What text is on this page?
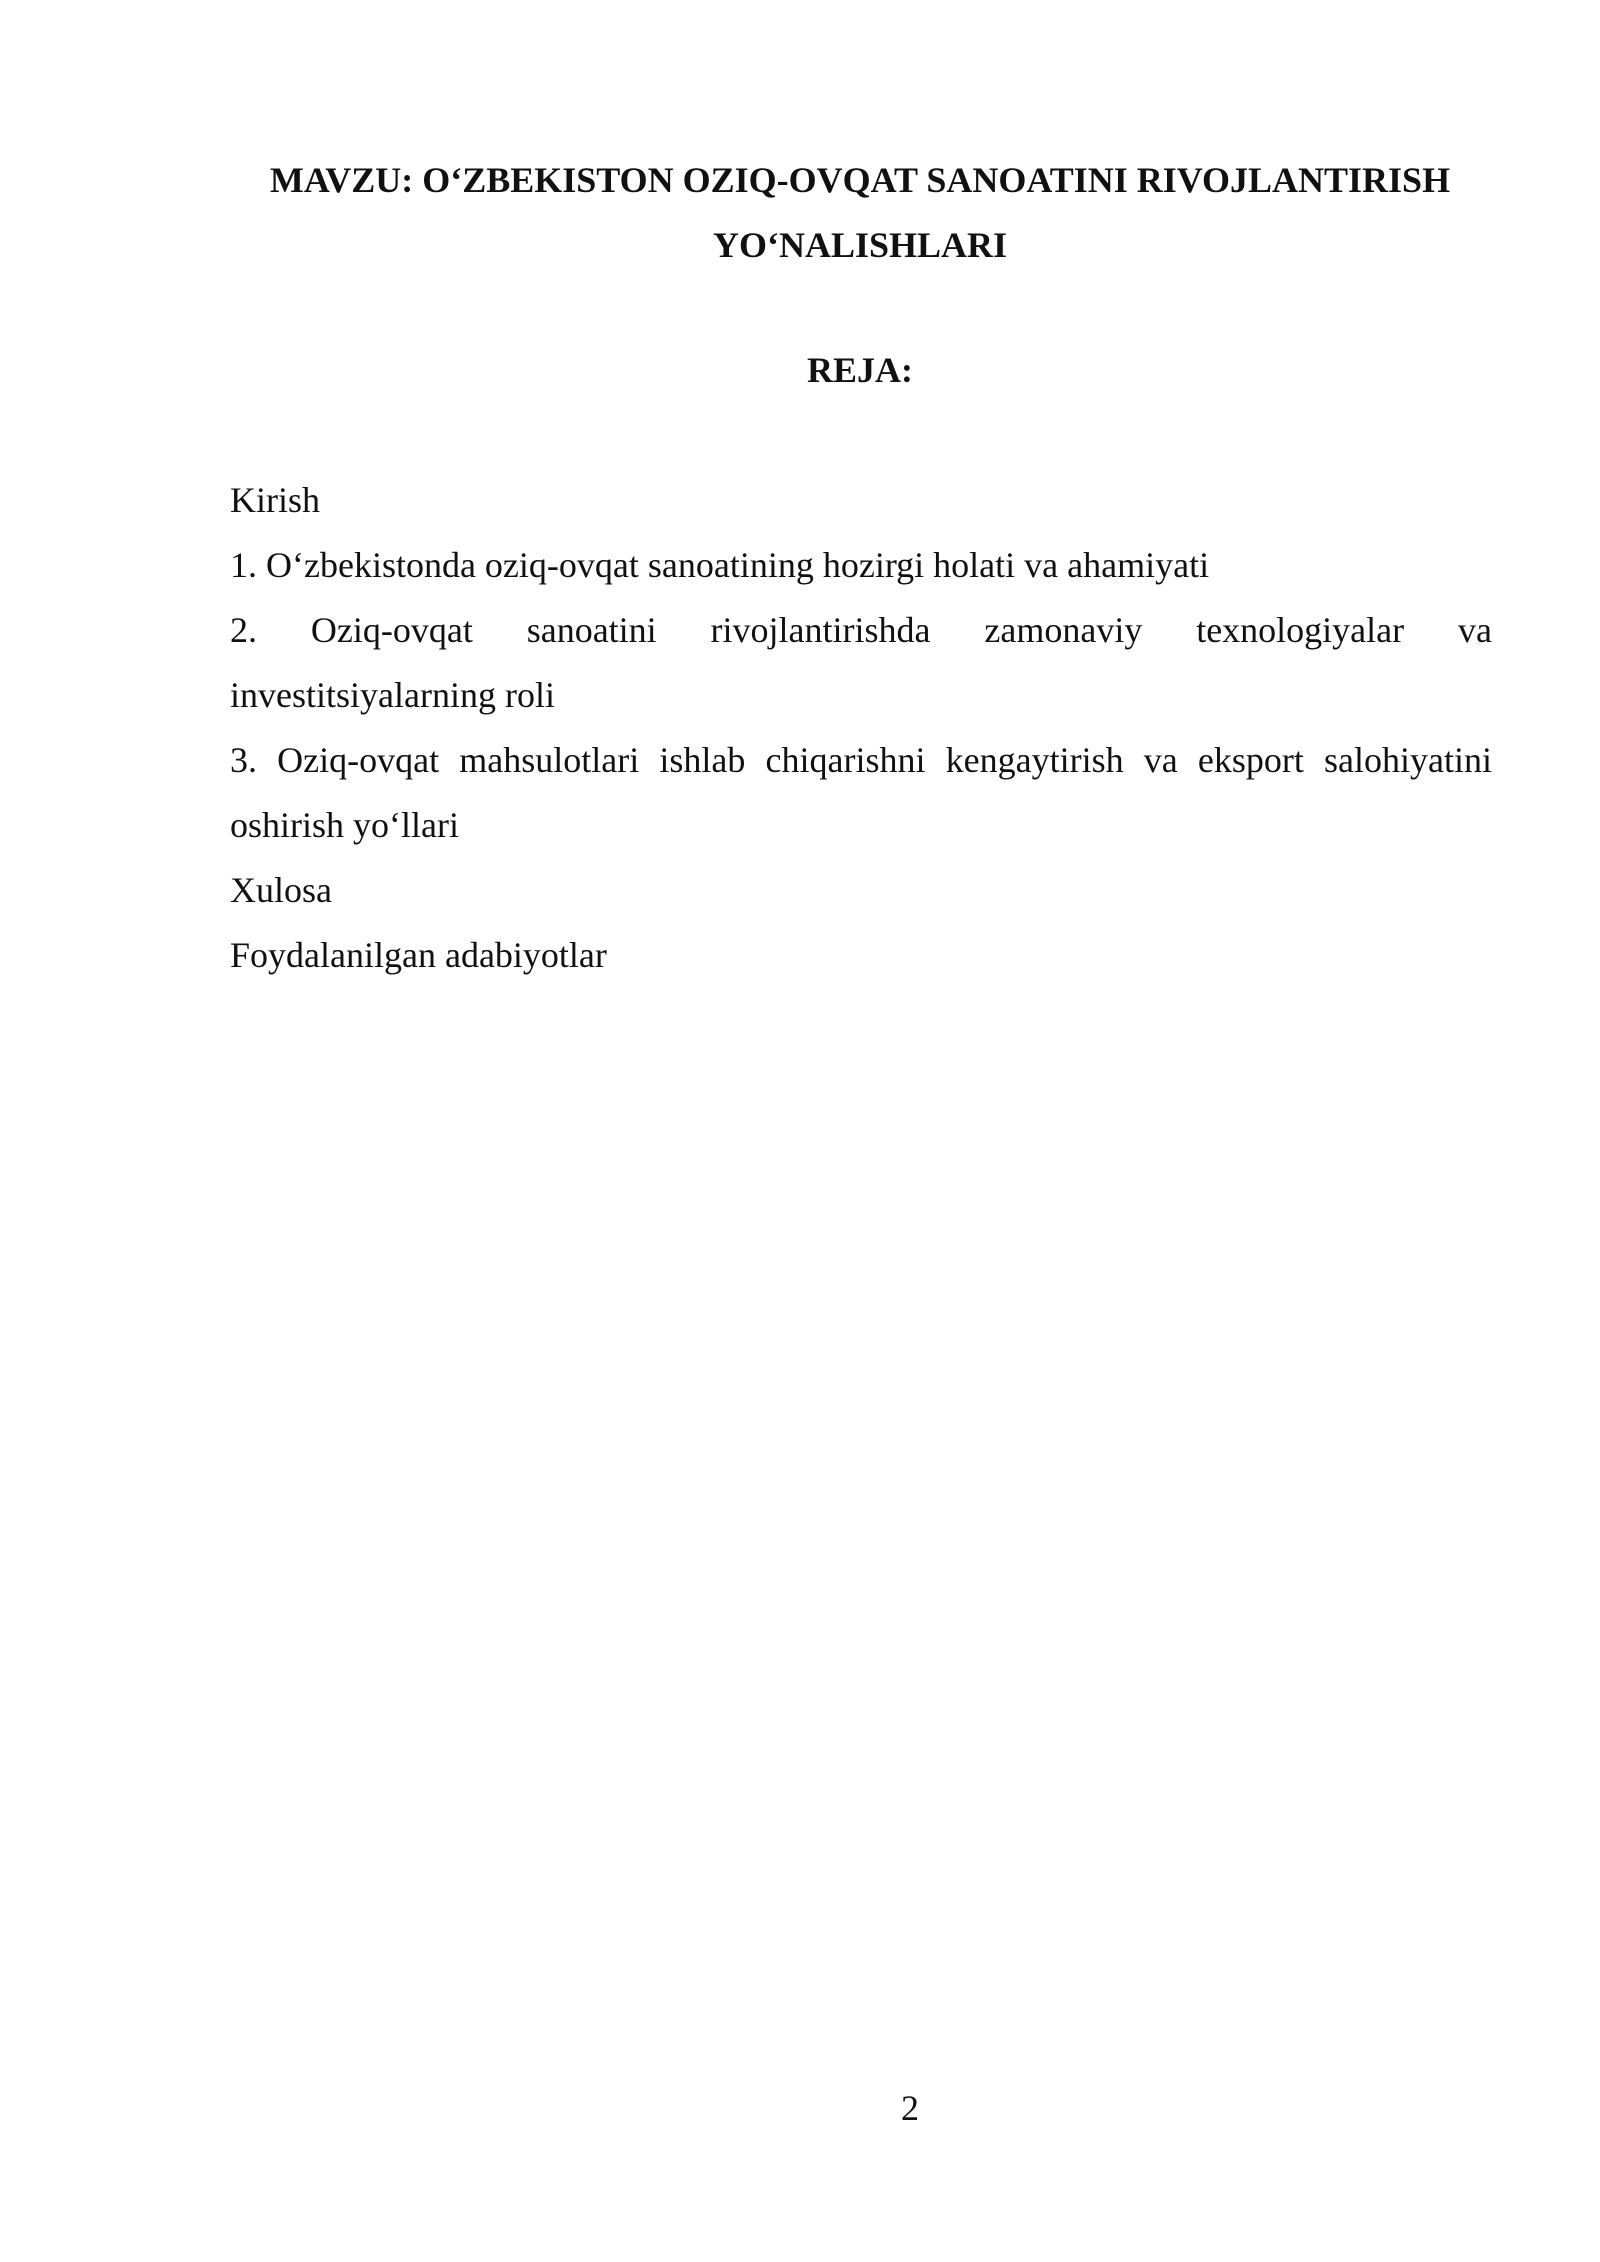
MAVZU: O‘ZBEKISTON OZIQ-OVQAT SANOATINI RIVOJLANTIRISH YO‘NALISHLARI
REJA:
Kirish
1. O‘zbekistonda oziq-ovqat sanoatining hozirgi holati va ahamiyati
2. Oziq-ovqat sanoatini rivojlantirishda zamonaviy texnologiyalar va investitsiyalarning roli
3. Oziq-ovqat mahsulotlari ishlab chiqarishni kengaytirish va eksport salohiyatini oshirish yo‘llari
Xulosa
Foydalanilgan adabiyotlar
2
